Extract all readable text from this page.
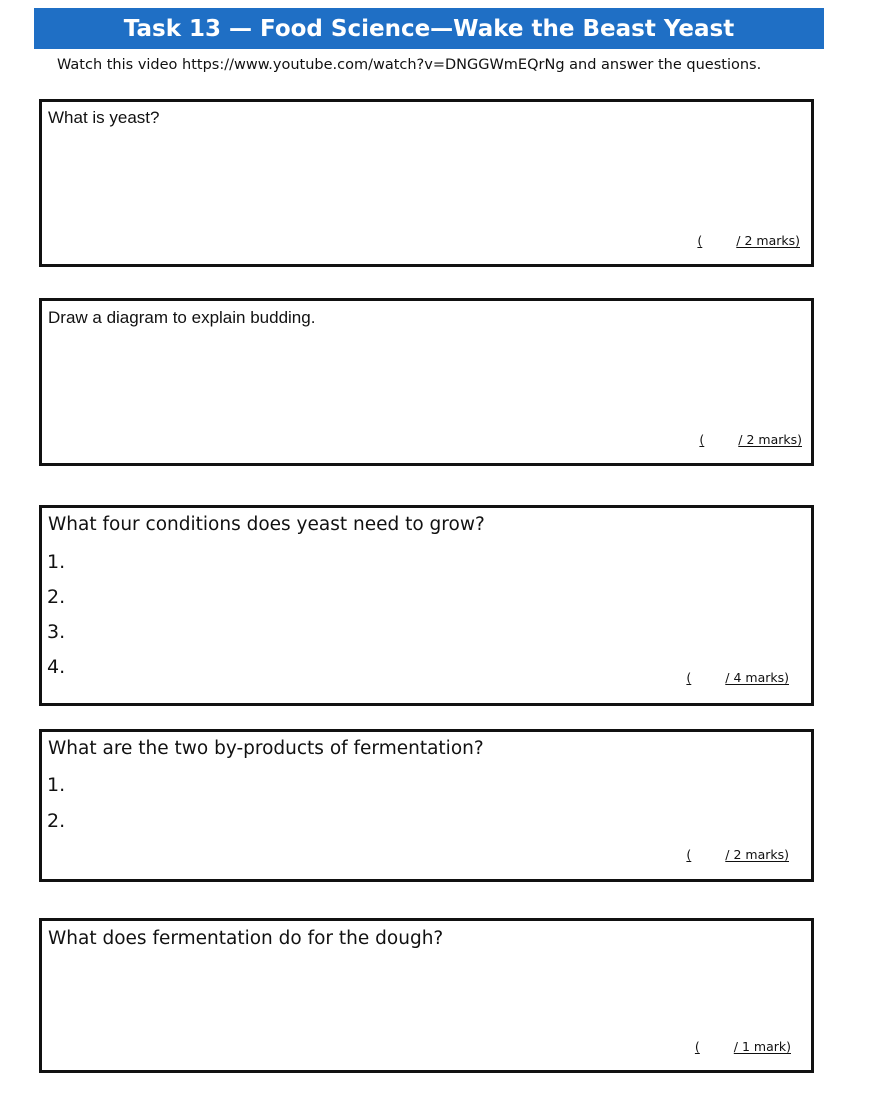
Task 13 — Food Science—Wake the Beast Yeast
Watch this video https://www.youtube.com/watch?v=DNGGWmEQrNg and answer the questions.
What is yeast?
(	/ 2 marks)
Draw a diagram to explain budding.
(	/ 2 marks)
What four conditions does yeast need to grow?
1.
2.
3.
4.	(	/ 4 marks)
What are the two by-products of fermentation?
1.
2.
(	/ 2 marks)
What does fermentation do for the dough?
(	/ 1 mark)
